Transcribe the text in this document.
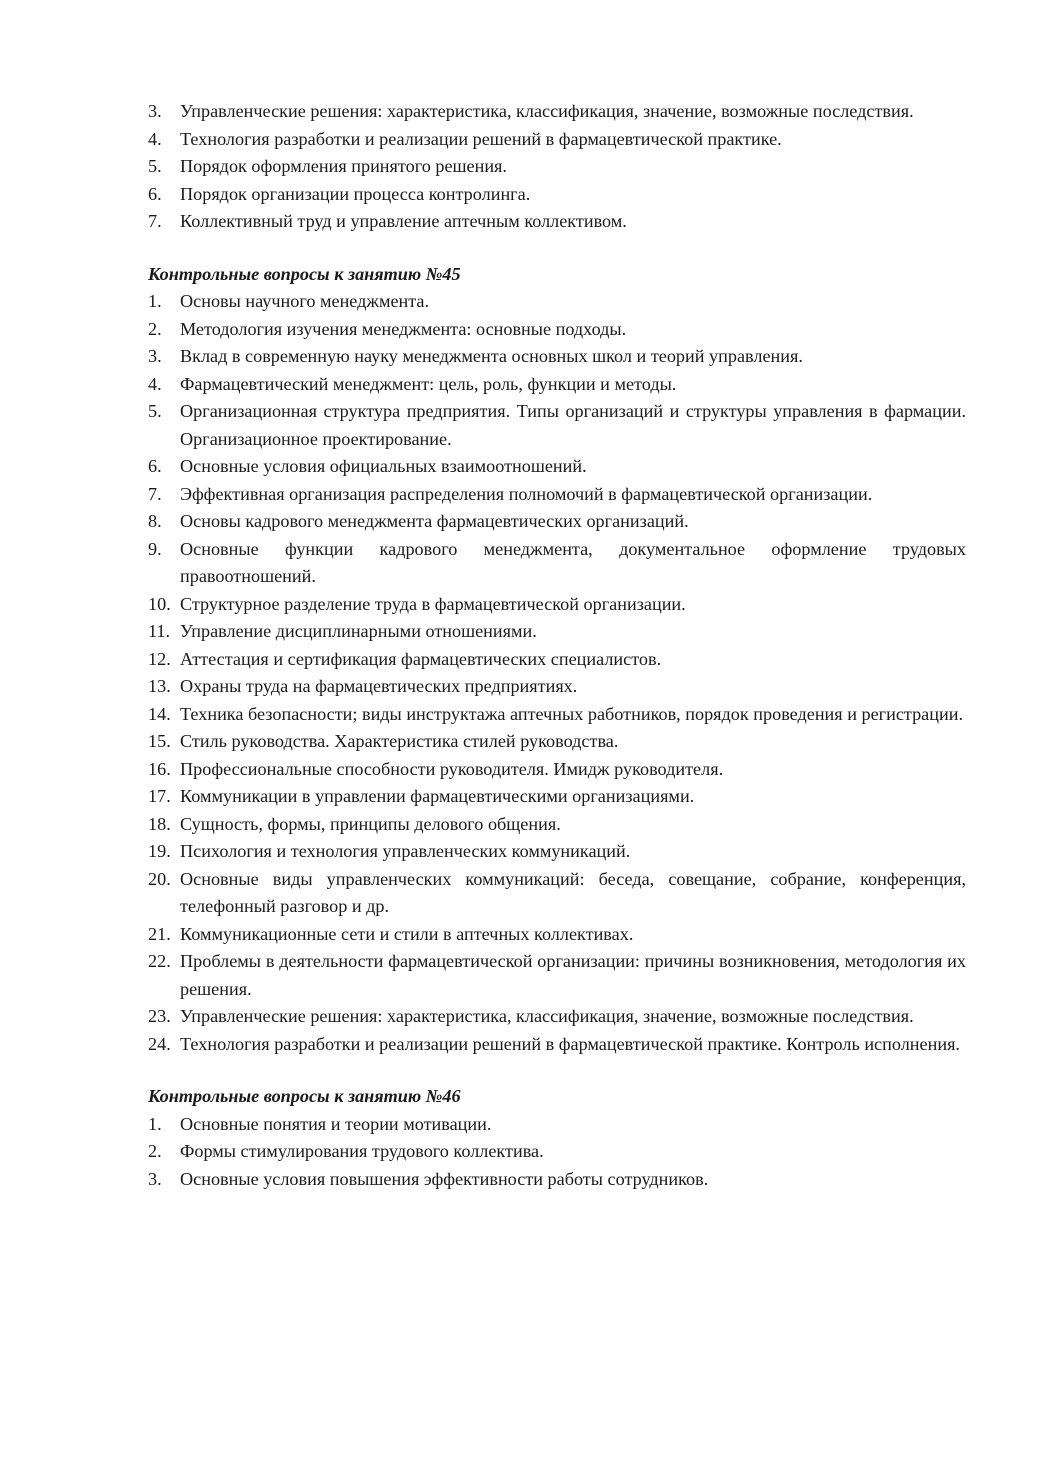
3. Управленческие решения: характеристика, классификация, значение, возможные последствия.
4. Технология разработки и реализации решений в фармацевтической практике.
5. Порядок оформления принятого решения.
6. Порядок организации процесса контролинга.
7. Коллективный труд и управление аптечным коллективом.

Контрольные вопросы к занятию №45

1. Основы научного менеджмента.
2. Методология изучения менеджмента: основные подходы.
3. Вклад в современную науку менеджмента основных школ и теорий управления.
4. Фармацевтический менеджмент: цель, роль, функции и методы.
5. Организационная структура предприятия. Типы организаций и структуры управления в фармации. Организационное проектирование.
6. Основные условия официальных взаимоотношений.
7. Эффективная организация распределения полномочий в фармацевтической организации.
8. Основы кадрового менеджмента фармацевтических организаций.
9. Основные функции кадрового менеджмента, документальное оформление трудовых правоотношений.
10. Структурное разделение труда в фармацевтической организации.
11. Управление дисциплинарными отношениями.
12. Аттестация и сертификация фармацевтических специалистов.
13. Охраны труда на фармацевтических предприятиях.
14. Техника безопасности; виды инструктажа аптечных работников, порядок проведения и регистрации.
15. Стиль руководства. Характеристика стилей руководства.
16. Профессиональные способности руководителя. Имидж руководителя.
17. Коммуникации в управлении фармацевтическими организациями.
18. Сущность, формы, принципы делового общения.
19. Психология и технология управленческих коммуникаций.
20. Основные виды управленческих коммуникаций: беседа, совещание, собрание, конференция, телефонный разговор и др.
21. Коммуникационные сети и стили в аптечных коллективах.
22. Проблемы в деятельности фармацевтической организации: причины возникновения, методология их решения.
23. Управленческие решения: характеристика, классификация, значение, возможные последствия.
24. Технология разработки и реализации решений в фармацевтической практике. Контроль исполнения.

Контрольные вопросы к занятию №46

1. Основные понятия и теории мотивации.
2. Формы стимулирования трудового коллектива.
3. Основные условия повышения эффективности работы сотрудников.
